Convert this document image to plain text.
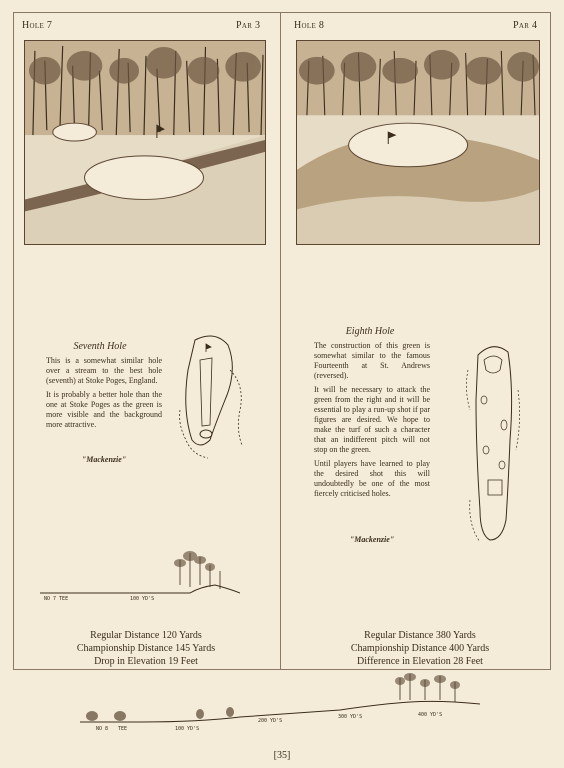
Hole 7	Par 3
Seventh Hole

This is a somewhat similar hole over a stream to the best hole (seventh) at Stoke Poges, England.

It is probably a better hole than the one at Stoke Poges as the green is more visible and the background more attractive.

"Mackenzie"
NO 7 TEE	100 YD'S
Regular Distance 120 Yards
Championship Distance 145 Yards
Drop in Elevation 19 Feet
Hole 8	Par 4
Eighth Hole

The construction of this green is somewhat similar to the famous Fourteenth at St. Andrews (reversed).

It will be necessary to attack the green from the right and it will be essential to play a run-up shot if par figures are desired. We hope to make the turf of such a character that an indifferent pitch will not stop on the green.

Until players have learned to play the desired shot this will undoubtedly be one of the most fiercely criticised holes.

"Mackenzie"
Regular Distance 380 Yards
Championship Distance 400 Yards
Difference in Elevation 28 Feet
NO 8 TEE	100 YD'S
200 YD'S
300 YD'S	400 YD'S
[35]
